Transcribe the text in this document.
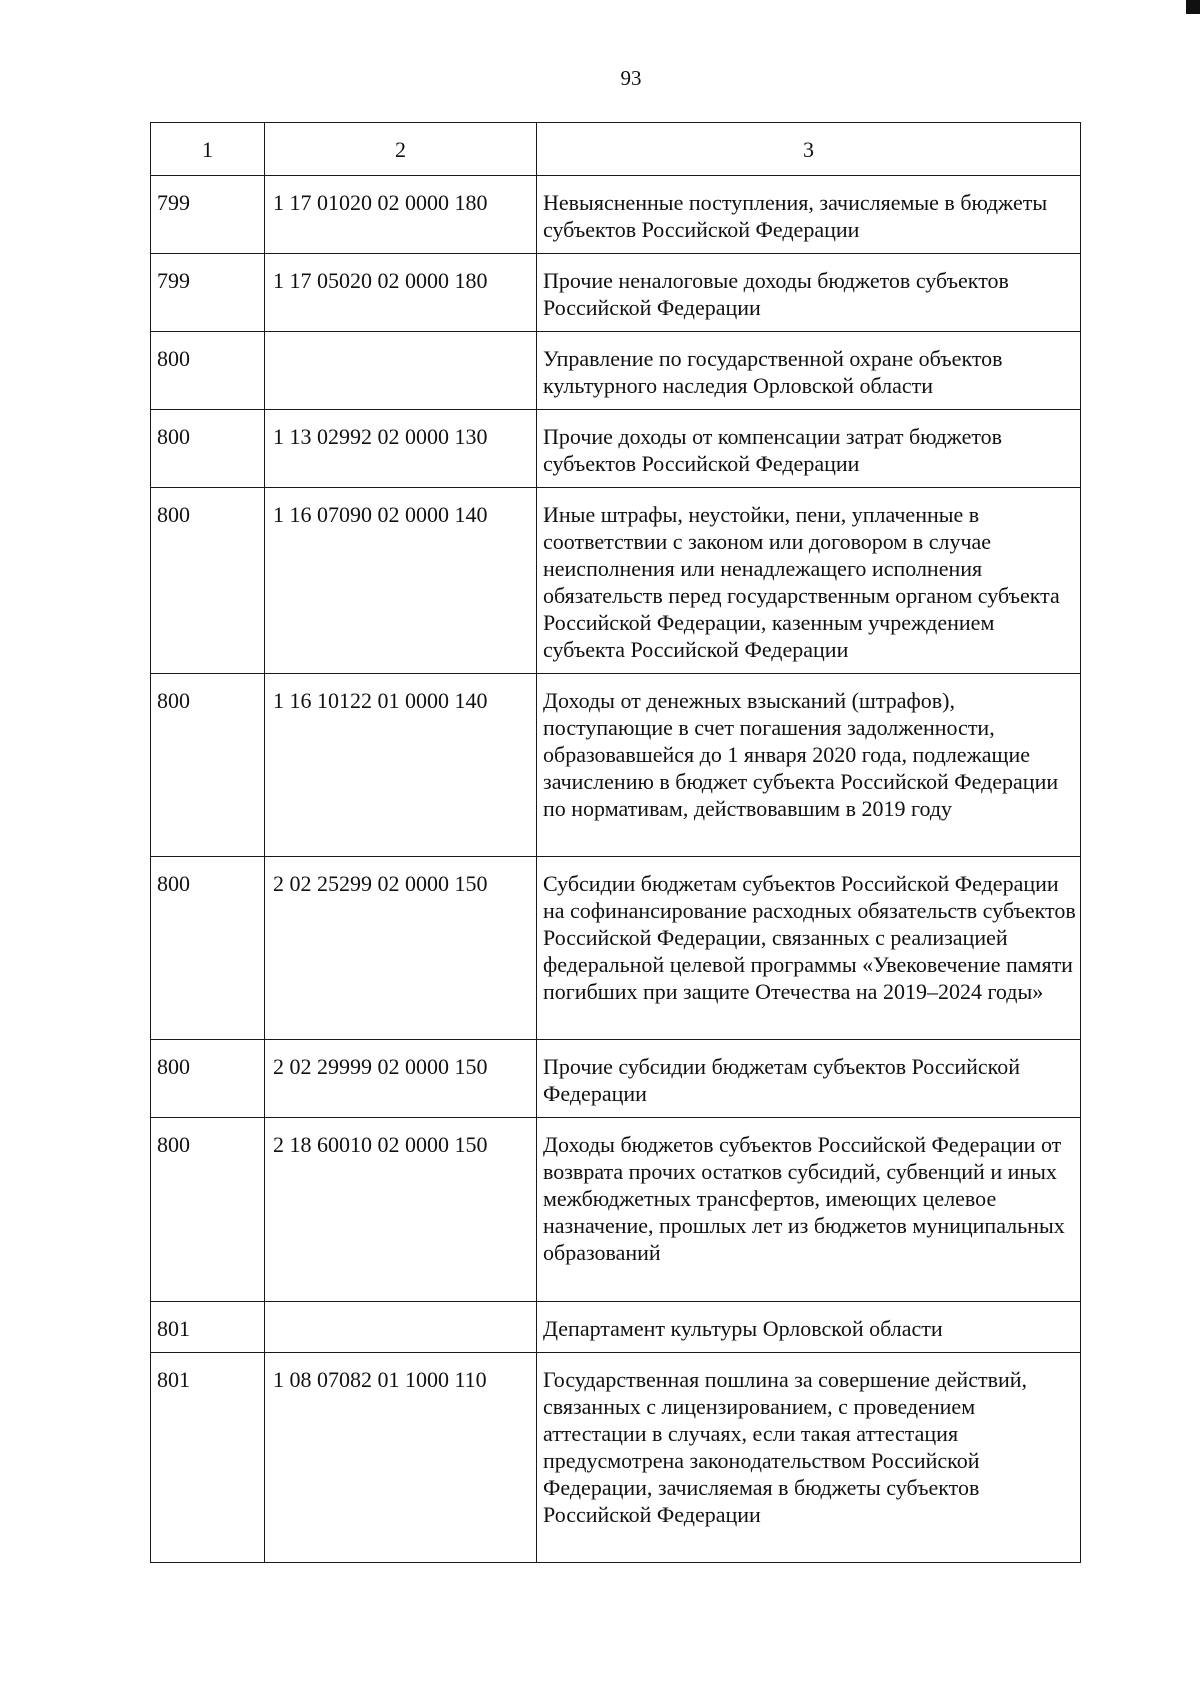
93
1	2	3
799	1 17 01020 02 0000 180	Невыясненные поступления, зачисляемые в бюджеты субъектов Российской Федерации
799	1 17 05020 02 0000 180	Прочие неналоговые доходы бюджетов субъектов Российской Федерации
800		Управление по государственной охране объектов культурного наследия Орловской области
800	1 13 02992 02 0000 130	Прочие доходы от компенсации затрат бюджетов субъектов Российской Федерации
800	1 16 07090 02 0000 140	Иные штрафы, неустойки, пени, уплаченные в соответствии с законом или договором в случае неисполнения или ненадлежащего исполнения обязательств перед государственным органом субъекта Российской Федерации, казенным учреждением субъекта Российской Федерации
800	1 16 10122 01 0000 140	Доходы от денежных взысканий (штрафов), поступающие в счет погашения задолженности, образовавшейся до 1 января 2020 года, подлежащие зачислению в бюджет субъекта Российской Федерации по нормативам, действовавшим в 2019 году
800	2 02 25299 02 0000 150	Субсидии бюджетам субъектов Российской Федерации на софинансирование расходных обязательств субъектов Российской Федерации, связанных с реализацией федеральной целевой программы «Увековечение памяти погибших при защите Отечества на 2019–2024 годы»
800	2 02 29999 02 0000 150	Прочие субсидии бюджетам субъектов Российской Федерации
800	2 18 60010 02 0000 150	Доходы бюджетов субъектов Российской Федерации от возврата прочих остатков субсидий, субвенций и иных межбюджетных трансфертов, имеющих целевое назначение, прошлых лет из бюджетов муниципальных образований
801		Департамент культуры Орловской области
801	1 08 07082 01 1000 110	Государственная пошлина за совершение действий, связанных с лицензированием, с проведением аттестации в случаях, если такая аттестация предусмотрена законодательством Российской Федерации, зачисляемая в бюджеты субъектов Российской Федерации
